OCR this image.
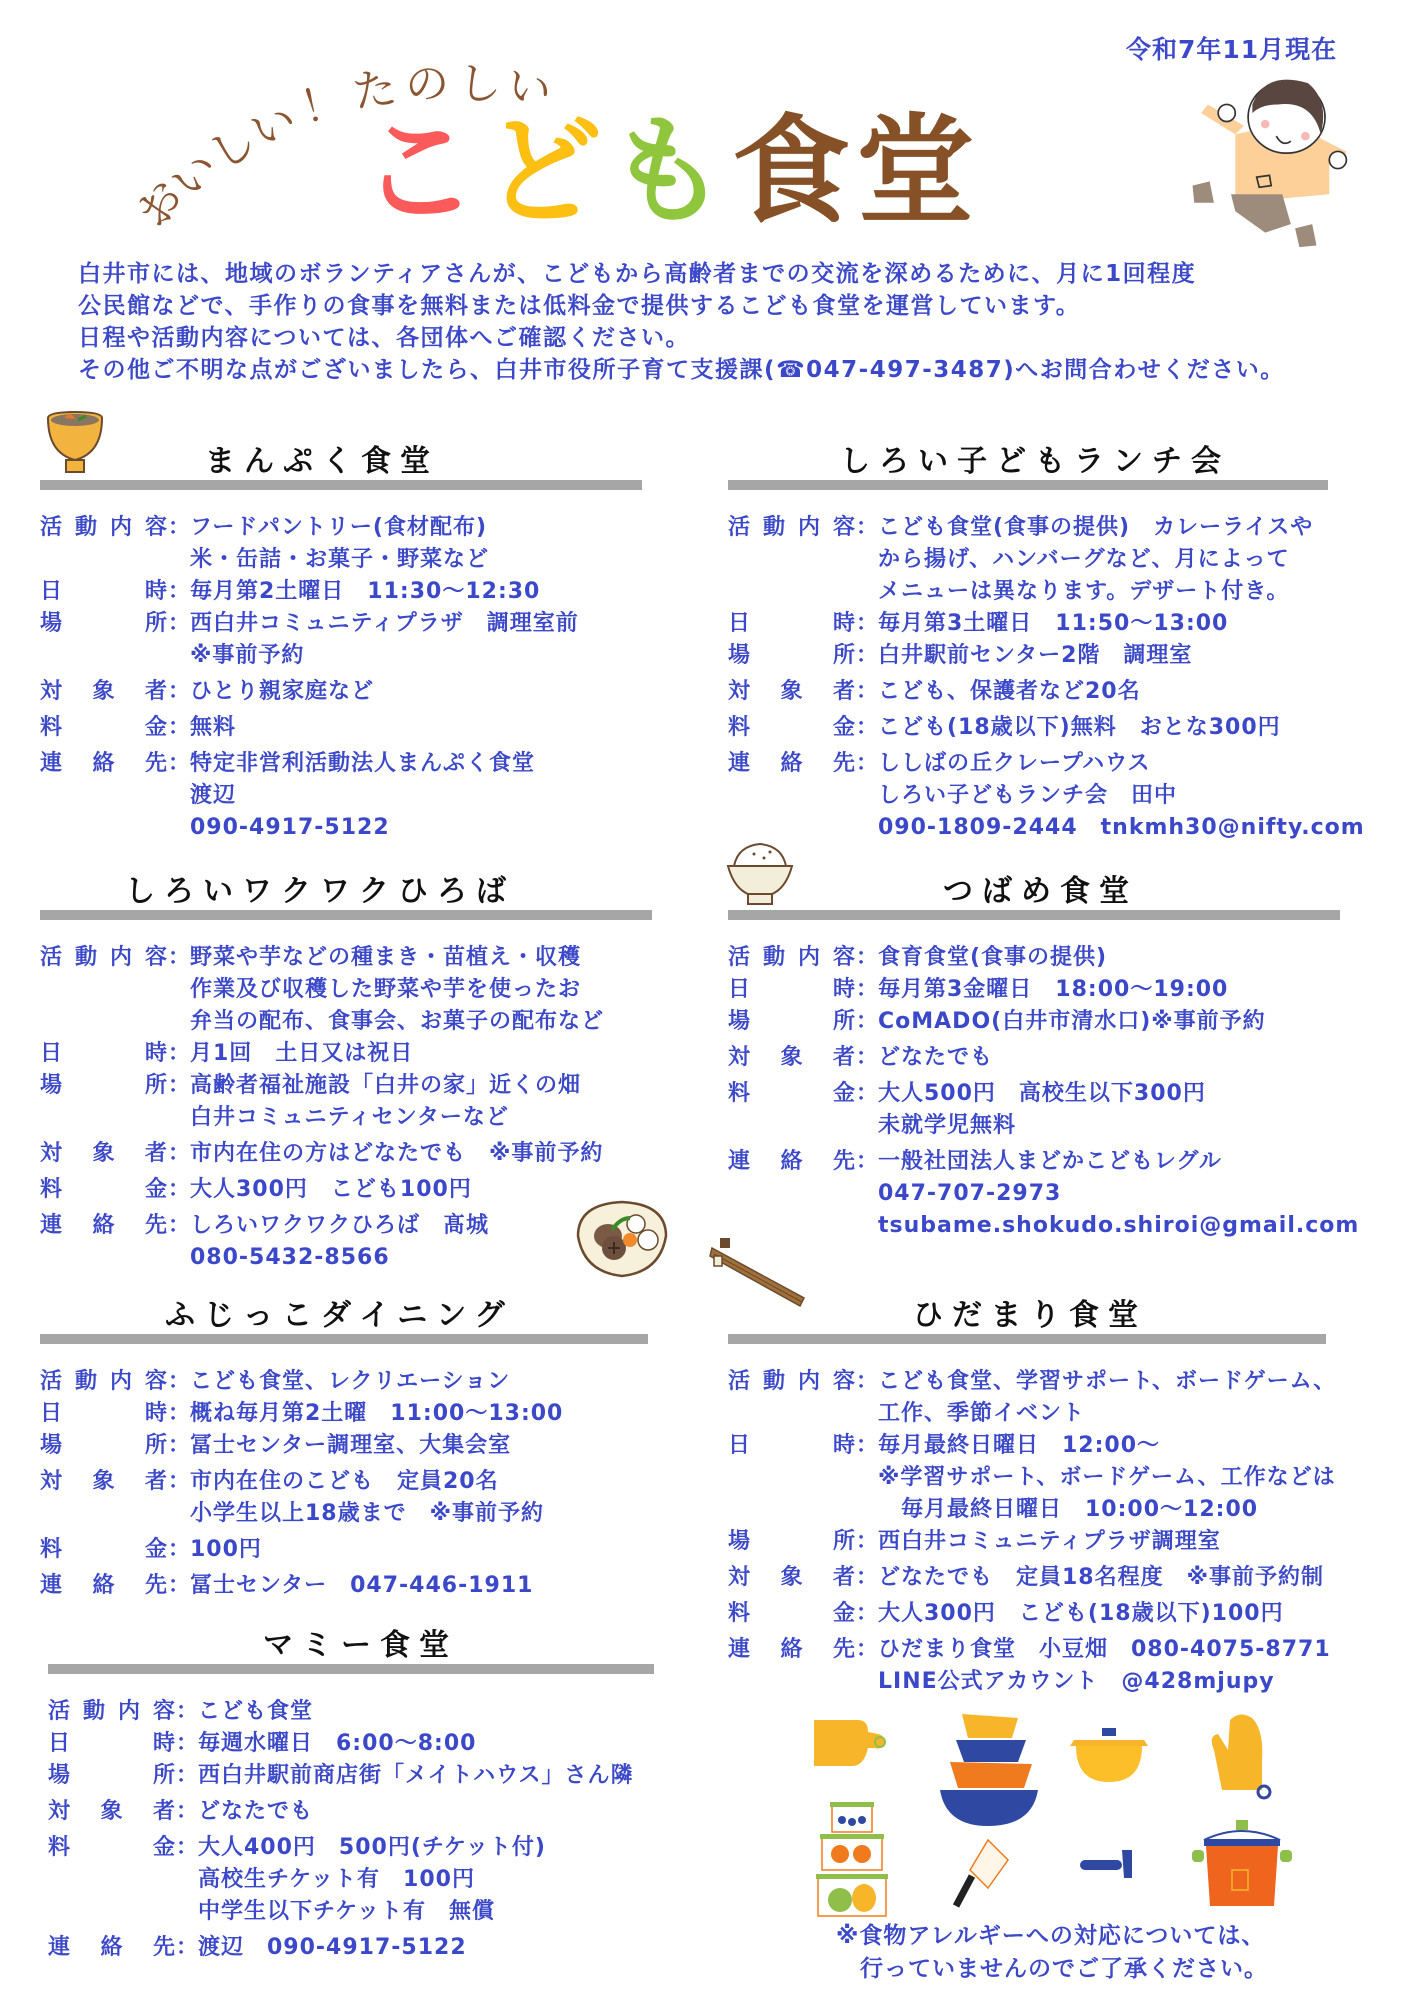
令和7年11月現在
お
い
し
い
！
た の し い
こ ど も 食 堂
白井市には、地域のボランティアさんが、こどもから高齢者までの交流を深めるために、月に1回程度
公民館などで、手作りの食事を無料または低料金で提供するこども食堂を運営しています。
日程や活動内容については、各団体へご確認ください。
その他ご不明な点がございましたら、白井市役所子育て支援課(☎047-497-3487)へお問合わせください。
まんぷく食堂
活 動 内 容 ：
フードパントリー(食材配布)
米・缶詰・お菓子・野菜など
日	時 ：
毎月第2土曜日　11:30～12:30
場	所 ：
西白井コミュニティプラザ　調理室前
※事前予約
対 象 者 ：
ひとり親家庭など
料	金 ：
無料
連 絡 先 ：
特定非営利活動法人まんぷく食堂
渡辺
090-4917-5122
しろい子どもランチ会
活 動 内 容 ：
こども食堂(食事の提供)　カレーライスや
から揚げ、ハンバーグなど、月によって
メニューは異なります。デザート付き。
日	時 ：
毎月第3土曜日　11:50～13:00
場	所 ：
白井駅前センター2階　調理室
対 象 者 ：
こども、保護者など20名
料	金 ：
こども(18歳以下)無料　おとな300円
連 絡 先 ：
ししばの丘クレープハウス
しろい子どもランチ会　田中
090-1809-2444　tnkmh30@nifty.com
しろいワクワクひろば
活 動 内 容 ：
野菜や芋などの種まき・苗植え・収穫
作業及び収穫した野菜や芋を使ったお
弁当の配布、食事会、お菓子の配布など
日	時 ：
月1回　土日又は祝日
場	所 ：
高齢者福祉施設「白井の家」近くの畑
白井コミュニティセンターなど
対 象 者 ：
市内在住の方はどなたでも　※事前予約
料	金 ：
大人300円　こども100円
連 絡 先 ：
しろいワクワクひろば　髙城
080-5432-8566
つばめ食堂
活 動 内 容 ：
食育食堂(食事の提供)
日	時 ：
毎月第3金曜日　18:00～19:00
場	所 ：
CoMADO(白井市清水口)※事前予約
対 象 者 ：
どなたでも
料	金 ：
大人500円　高校生以下300円
未就学児無料
連 絡 先 ：
一般社団法人まどかこどもレグル
047-707-2973
tsubame.shokudo.shiroi@gmail.com
ふじっこダイニング
活 動 内 容 ：
こども食堂、レクリエーション
日	時 ：
概ね毎月第2土曜　11:00～13:00
場	所 ：
冨士センター調理室、大集会室
対 象 者 ：
市内在住のこども　定員20名
小学生以上18歳まで　※事前予約
料	金 ：
100円
連 絡 先 ：
冨士センター　047-446-1911
ひだまり食堂
活 動 内 容 ：
こども食堂、学習サポート、ボードゲーム、
工作、季節イベント
日	時 ：
毎月最終日曜日　12:00～
※学習サポート、ボードゲーム、工作などは
　毎月最終日曜日　10:00～12:00
場	所 ：
西白井コミュニティプラザ調理室
対 象 者 ：
どなたでも　定員18名程度　※事前予約制
料	金 ：
大人300円　こども(18歳以下)100円
連 絡 先 ：
ひだまり食堂　小豆畑　080-4075-8771
LINE公式アカウント　@428mjupy
マミー食堂
活 動 内 容 ：
こども食堂
日	時 ：
毎週水曜日　6:00～8:00
場	所 ：
西白井駅前商店街「メイトハウス」さん隣
対 象 者 ：
どなたでも
料	金 ：
大人400円　500円(チケット付)
高校生チケット有　100円
中学生以下チケット有　無償
連 絡 先 ：
渡辺　090-4917-5122	※食物アレルギーへの対応については、
　行っていませんのでご了承ください。
